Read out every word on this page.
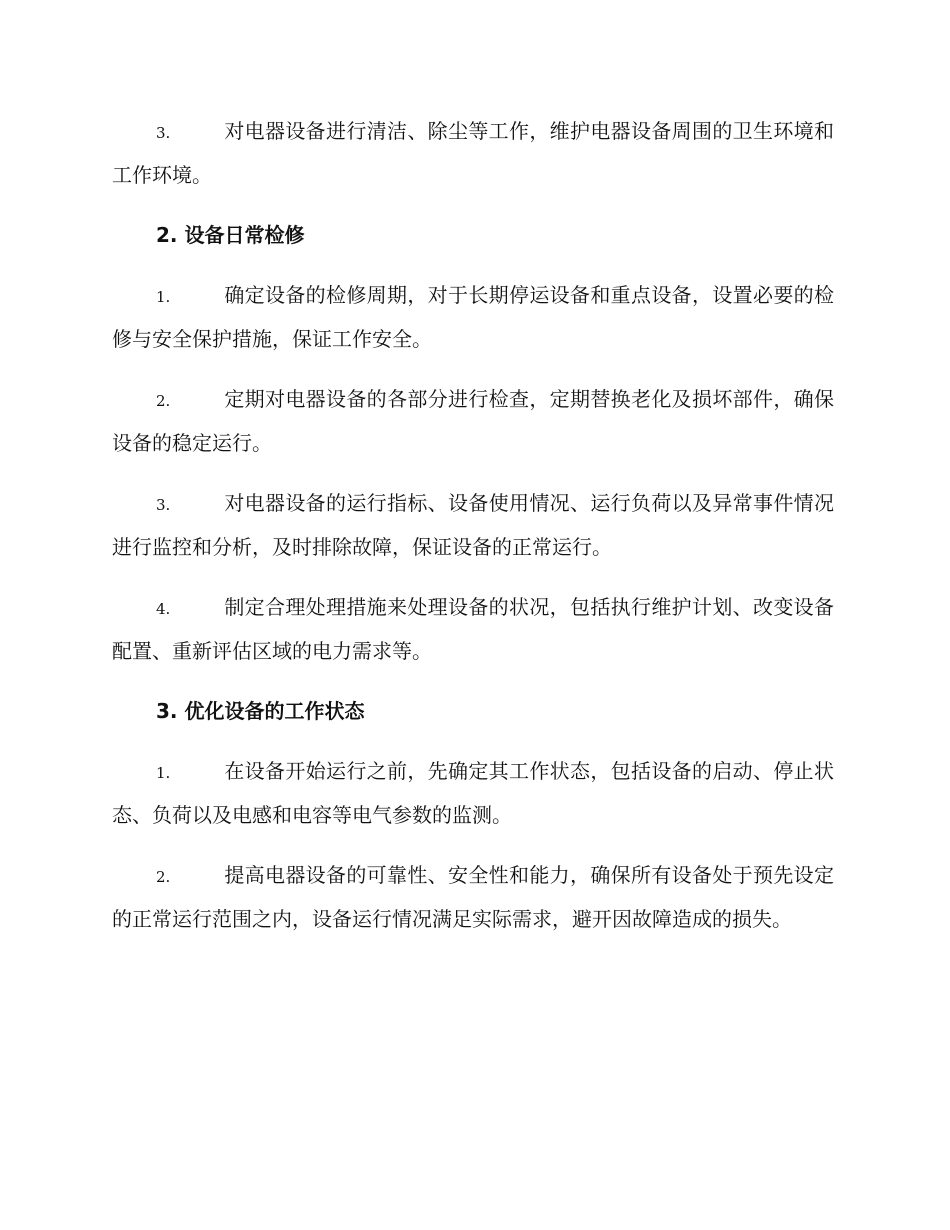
3.	对电器设备进行清洁、除尘等工作，维护电器设备周围的卫生环境和工作环境。

2. 设备日常检修

1.	确定设备的检修周期，对于长期停运设备和重点设备，设置必要的检修与安全保护措施，保证工作安全。

2.	定期对电器设备的各部分进行检查，定期替换老化及损坏部件，确保设备的稳定运行。

3.	对电器设备的运行指标、设备使用情况、运行负荷以及异常事件情况进行监控和分析，及时排除故障，保证设备的正常运行。

4.	制定合理处理措施来处理设备的状况，包括执行维护计划、改变设备配置、重新评估区域的电力需求等。

3. 优化设备的工作状态

1.	在设备开始运行之前，先确定其工作状态，包括设备的启动、停止状态、负荷以及电感和电容等电气参数的监测。

2.	提高电器设备的可靠性、安全性和能力，确保所有设备处于预先设定的正常运行范围之内，设备运行情况满足实际需求，避开因故障造成的损失。
